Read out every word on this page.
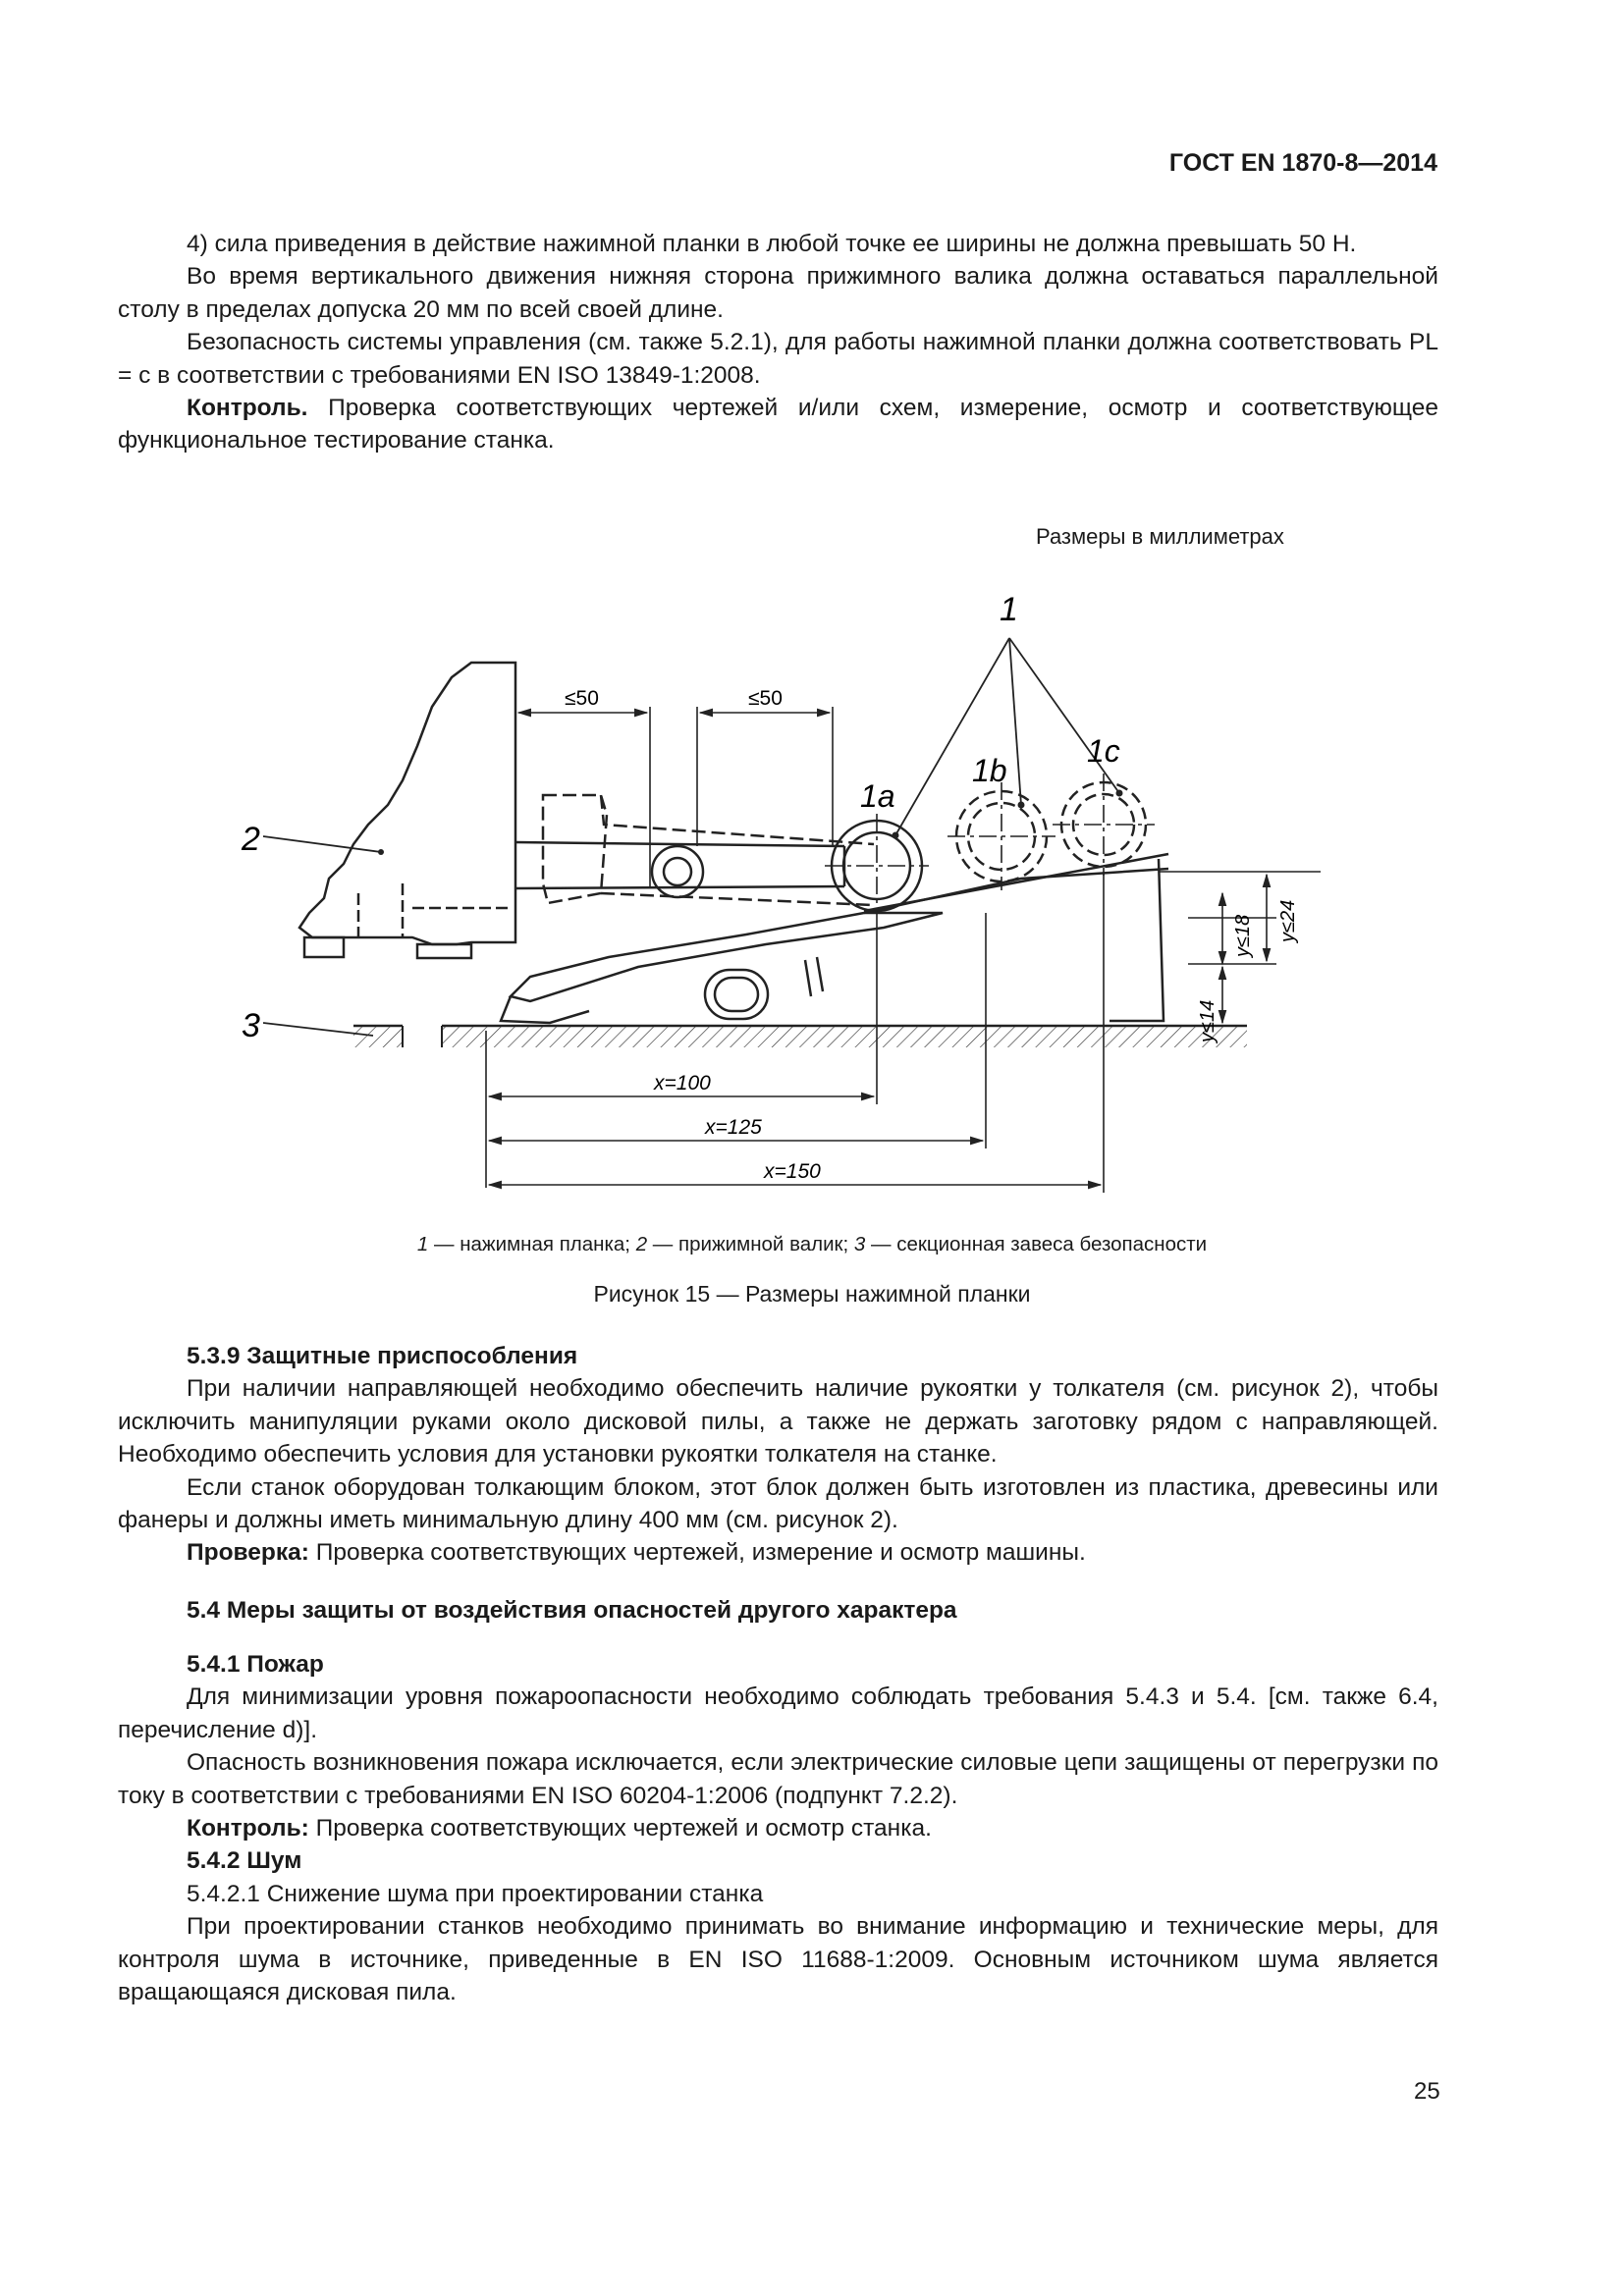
ГОСТ EN 1870-8—2014

4) сила приведения в действие нажимной планки в любой точке ее ширины не должна превышать 50 Н.

Во время вертикального движения нижняя сторона прижимного валика должна оставаться параллельной столу в пределах допуска 20 мм по всей своей длине.

Безопасность системы управления (см. также 5.2.1), для работы нажимной планки должна соответствовать PL = c в соответствии с требованиями EN ISO 13849-1:2008.

Контроль. Проверка соответствующих чертежей и/или схем, измерение, осмотр и соответствующее функциональное тестирование станка.

Размеры в миллиметрах
1
1а
1b
1с
2
3
≤50	≤50
x=100
x=125
x=150
y≤18 y≤24
y≤14
1 — нажимная планка; 2 — прижимной валик; 3 — секционная завеса безопасности
Рисунок 15 — Размеры нажимной планки

5.3.9 Защитные приспособления

При наличии направляющей необходимо обеспечить наличие рукоятки у толкателя (см. рисунок 2), чтобы исключить манипуляции руками около дисковой пилы, а также не держать заготовку рядом с направляющей. Необходимо обеспечить условия для установки рукоятки толкателя на станке.

Если станок оборудован толкающим блоком, этот блок должен быть изготовлен из пластика, древесины или фанеры и должны иметь минимальную длину 400 мм (см. рисунок 2).

Проверка: Проверка соответствующих чертежей, измерение и осмотр машины.

5.4 Меры защиты от воздействия опасностей другого характера

5.4.1 Пожар

Для минимизации уровня пожароопасности необходимо соблюдать требования 5.4.3 и 5.4. [см. также 6.4, перечисление d)].

Опасность возникновения пожара исключается, если электрические силовые цепи защищены от перегрузки по току в соответствии с требованиями EN ISO 60204-1:2006 (подпункт 7.2.2).

Контроль: Проверка соответствующих чертежей и осмотр станка.

5.4.2 Шум

5.4.2.1 Снижение шума при проектировании станка

При проектировании станков необходимо принимать во внимание информацию и технические меры, для контроля шума в источнике, приведенные в EN ISO 11688-1:2009. Основным источником шума является вращающаяся дисковая пила.

25
